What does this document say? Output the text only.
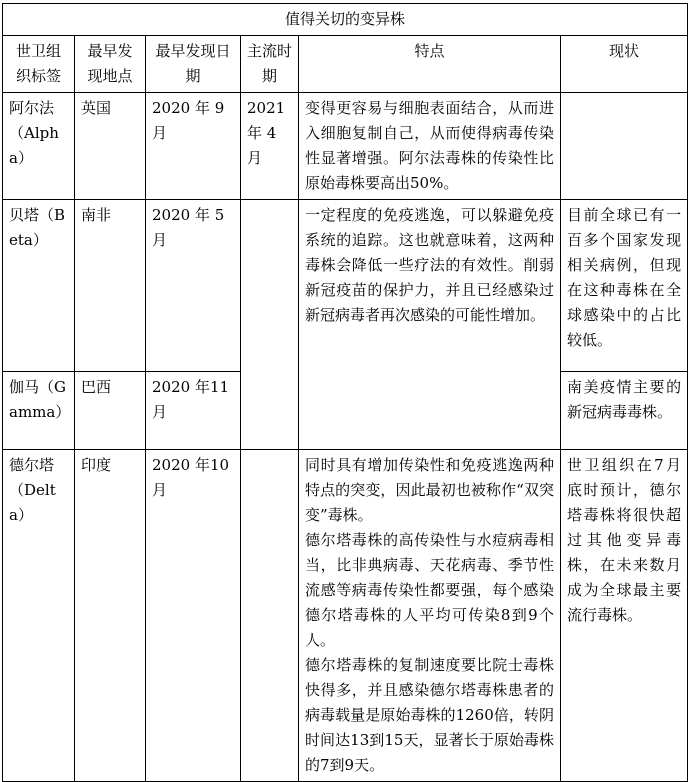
值得关切的变异株					
世卫组织标签	最早发现地点	最早发现日期	主流时期	特点	现状
阿尔法（Alpha）	英国	2020 年 9 月	2021 年 4 月	变得更容易与细胞表面结合，从而进入细胞复制自己，从而使得病毒传染性显著增强。阿尔法毒株的传染性比原始毒株要高出50%。	
贝塔（Beta）	南非	2020 年 5 月		一定程度的免疫逃逸，可以躲避免疫系统的追踪。这也就意味着，这两种毒株会降低一些疗法的有效性。削弱新冠疫苗的保护力，并且已经感染过新冠病毒者再次感染的可能性增加。	目前全球已有一百多个国家发现相关病例，但现在这种毒株在全球感染中的占比较低。
伽马（Gamma）	巴西	2020 年11月			南美疫情主要的新冠病毒毒株。
德尔塔（Delta）	印度	2020 年10月		同时具有增加传染性和免疫逃逸两种特点的突变，因此最初也被称作“双突变”毒株。

德尔塔毒株的高传染性与水痘病毒相当，比非典病毒、天花病毒、季节性流感等病毒传染性都要强，每个感染德尔塔毒株的人平均可传染8到9个人。

德尔塔毒株的复制速度要比院士毒株快得多，并且感染德尔塔毒株患者的病毒载量是原始毒株的1260倍，转阴时间达13到15天，显著长于原始毒株的7到9天。	世卫组织在7月底时预计，德尔塔毒株将很快超过其他变异毒株，在未来数月成为全球最主要流行毒株。
